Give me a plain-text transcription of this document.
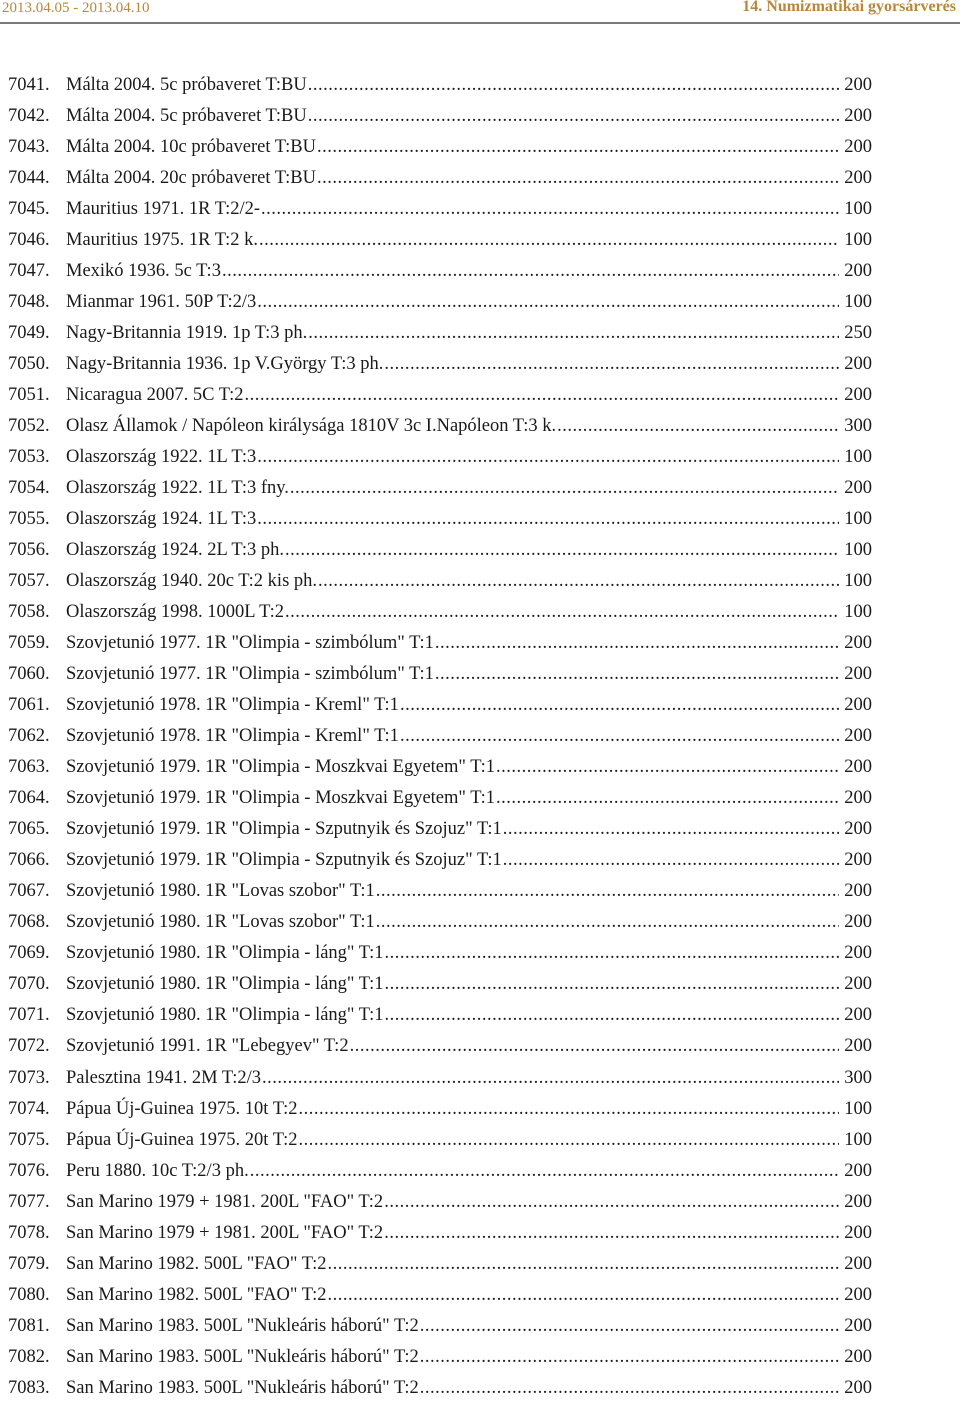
2013.04.05 - 2013.04.10	14. Numizmatikai gyorsárverés
7041. Málta 2004. 5c próbaveret T:BU .....	200
7042. Málta 2004. 5c próbaveret T:BU .....	200
7043. Málta 2004. 10c próbaveret T:BU .....	200
7044. Málta 2004. 20c próbaveret T:BU .....	200
7045. Mauritius 1971. 1R T:2/2- .....	100
7046. Mauritius 1975. 1R T:2 k. .....	100
7047. Mexikó 1936. 5c T:3 .....	200
7048. Mianmar 1961. 50P T:2/3 .....	100
7049. Nagy-Britannia 1919. 1p T:3 ph. .....	250
7050. Nagy-Britannia 1936. 1p V.György T:3 ph. .....	200
7051. Nicaragua 2007. 5C T:2 .....	200
7052. Olasz Államok / Napóleon királysága 1810V 3c I.Napóleon T:3 k. .....	300
7053. Olaszország 1922. 1L T:3 .....	100
7054. Olaszország 1922. 1L T:3 fny. .....	200
7055. Olaszország 1924. 1L T:3 .....	100
7056. Olaszország 1924. 2L T:3 ph. .....	100
7057. Olaszország 1940. 20c T:2 kis ph. .....	100
7058. Olaszország 1998. 1000L T:2 .....	100
7059. Szovjetunió 1977. 1R "Olimpia - szimbólum" T:1 .....	200
7060. Szovjetunió 1977. 1R "Olimpia - szimbólum" T:1 .....	200
7061. Szovjetunió 1978. 1R "Olimpia - Kreml" T:1 .....	200
7062. Szovjetunió 1978. 1R "Olimpia - Kreml" T:1 .....	200
7063. Szovjetunió 1979. 1R "Olimpia - Moszkvai Egyetem" T:1 .....	200
7064. Szovjetunió 1979. 1R "Olimpia - Moszkvai Egyetem" T:1 .....	200
7065. Szovjetunió 1979. 1R "Olimpia - Szputnyik és Szojuz" T:1 .....	200
7066. Szovjetunió 1979. 1R "Olimpia - Szputnyik és Szojuz" T:1 .....	200
7067. Szovjetunió 1980. 1R "Lovas szobor" T:1 .....	200
7068. Szovjetunió 1980. 1R "Lovas szobor" T:1 .....	200
7069. Szovjetunió 1980. 1R "Olimpia - láng" T:1 .....	200
7070. Szovjetunió 1980. 1R "Olimpia - láng" T:1 .....	200
7071. Szovjetunió 1980. 1R "Olimpia - láng" T:1 .....	200
7072. Szovjetunió 1991. 1R "Lebegyev" T:2 .....	200
7073. Palesztina 1941. 2M T:2/3 .....	300
7074. Pápua Új-Guinea 1975. 10t T:2 .....	100
7075. Pápua Új-Guinea 1975. 20t T:2 .....	100
7076. Peru 1880. 10c T:2/3 ph. .....	200
7077. San Marino 1979 + 1981. 200L "FAO" T:2 .....	200
7078. San Marino 1979 + 1981. 200L "FAO" T:2 .....	200
7079. San Marino 1982. 500L "FAO" T:2 .....	200
7080. San Marino 1982. 500L "FAO" T:2 .....	200
7081. San Marino 1983. 500L "Nukleáris háború" T:2 .....	200
7082. San Marino 1983. 500L "Nukleáris háború" T:2 .....	200
7083. San Marino 1983. 500L "Nukleáris háború" T:2 .....	200
